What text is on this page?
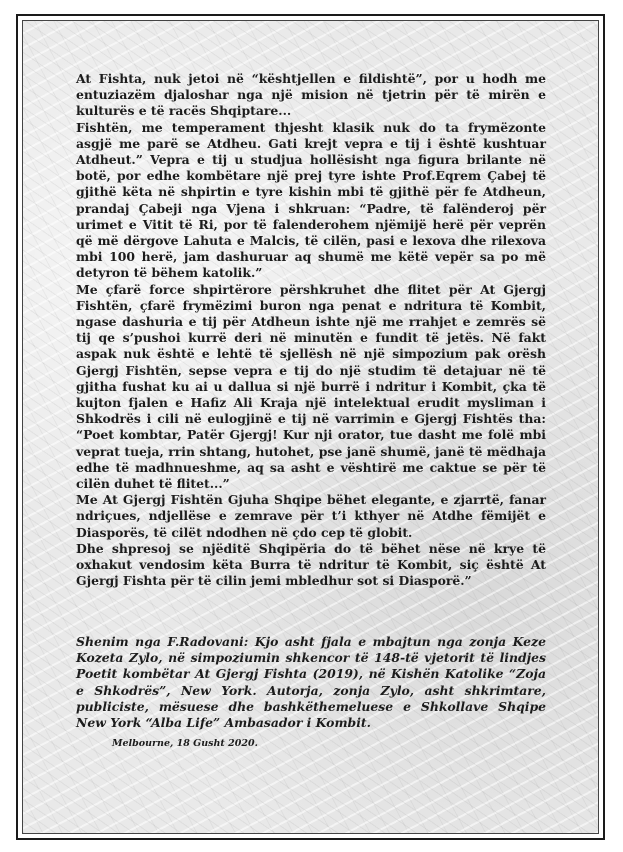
At Fishta, nuk jetoi në “kështjellen e fildishtë”, por u hodh me entuziazëm djaloshar nga një mision në tjetrin për të mirën e kulturës e të racës Shqiptare...

Fishtën, me temperament thjesht klasik nuk do ta frymëzonte asgjë me parë se Atdheu. Gati krejt vepra e tij i është kushtuar Atdheut.” Vepra e tij u studjua hollësisht nga figura brilante në botë, por edhe kombëtare një prej tyre ishte Prof.Eqrem Çabej të gjithë këta në shpirtin e tyre kishin mbi të gjithë për fe Atdheun, prandaj Çabeji nga Vjena i shkruan: “Padre, të falënderoj për urimet e Vitit të Ri, por të falenderohem njëmijë herë për veprën që më dërgove Lahuta e Malcis, të cilën, pasi e lexova dhe rilexova mbi 100 herë, jam dashuruar aq shumë me këtë vepër sa po më detyron të bëhem katolik.”

Me çfarë force shpirtërore përshkruhet dhe flitet për At Gjergj Fishtën, çfarë frymëzimi buron nga penat e ndritura të Kombit, ngase dashuria e tij për Atdheun ishte një me rrahjet e zemrës së tij qe s’pushoi kurrë deri në minutën e fundit të jetës. Në fakt aspak nuk është e lehtë të sjellësh në një simpozium pak orësh Gjergj Fishtën, sepse vepra e tij do një studim të detajuar në të gjitha fushat ku ai u dallua si një burrë i ndritur i Kombit, çka të kujton fjalen e Hafiz Ali Kraja një intelektual erudit mysliman i Shkodrës i cili në eulogjinë e tij në varrimin e Gjergj Fishtës tha: “Poet kombtar, Patër Gjergj! Kur nji orator, tue dasht me folë mbi veprat tueja, rrin shtang, hutohet, pse janë shumë, janë të mëdhaja edhe të madhnueshme, aq sa asht e vështirë me caktue se për të cilën duhet të flitet...”

Me At Gjergj Fishtën Gjuha Shqipe bëhet elegante, e zjarrtë, fanar ndriçues, ndjellëse e zemrave për t’i kthyer në Atdhe fëmijët e Diasporës, të cilët ndodhen në çdo cep të globit.

Dhe shpresoj se njëditë Shqipëria do të bëhet nëse në krye të oxhakut vendosim këta Burra të ndritur të Kombit, siç është At Gjergj Fishta për të cilin jemi mbledhur sot si Diasporë.”

Shenim nga F.Radovani: Kjo asht fjala e mbajtun nga zonja Keze Kozeta Zylo, në simpoziumin shkencor të 148-të vjetorit të lindjes Poetit kombëtar At Gjergj Fishta (2019), në Kishën Katolike “Zoja e Shkodrës”, New York. Autorja, zonja Zylo, asht shkrimtare, publiciste, mësuese dhe bashkëthemeluese e Shkollave Shqipe New York “Alba Life” Ambasador i Kombit.
Melbourne, 18 Gusht 2020.
